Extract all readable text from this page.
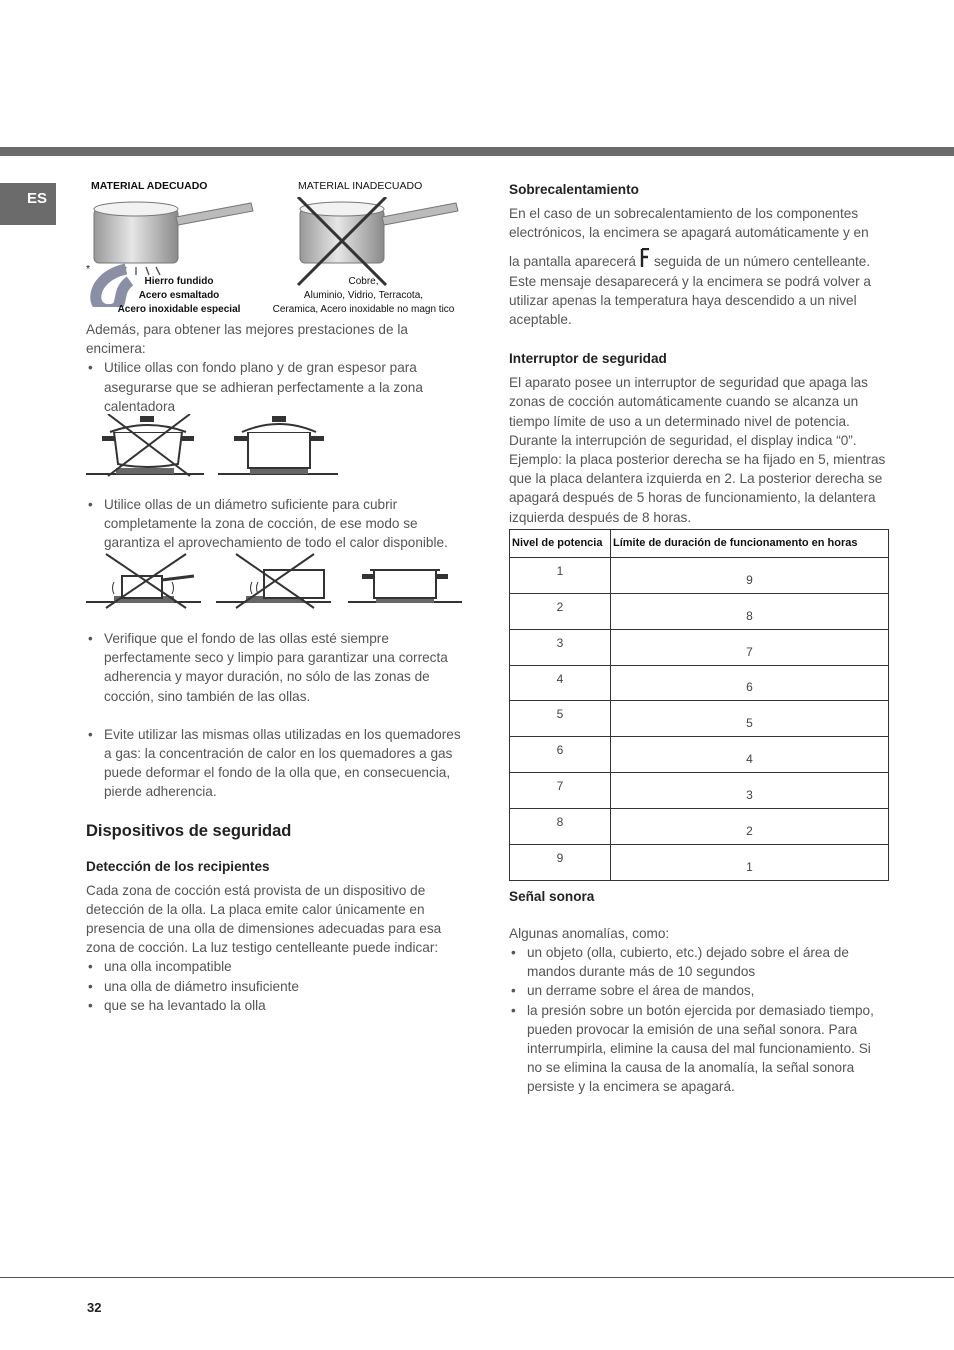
ES
MATERIAL ADECUADO	MATERIAL INADECUADO
*
Hierro fundido
Acero esmaltado
Acero inoxidable especial
Cobre,
Aluminio, Vidrio, Terracota,
Ceramica, Acero inoxidable no magn tico

Además, para obtener las mejores prestaciones de la encimera:

• Utilice ollas con fondo plano y de gran espesor para asegurarse que se adhieran perfectamente a la zona calentadora

• Utilice ollas de un diámetro suficiente para cubrir completamente la zona de cocción, de ese modo se garantiza el aprovechamiento de todo el calor disponible.

• Verifique que el fondo de las ollas esté siempre perfectamente seco y limpio para garantizar una correcta adherencia y mayor duración, no sólo de las zonas de cocción, sino también de las ollas.

• Evite utilizar las mismas ollas utilizadas en los quemadores a gas: la concentración de calor en los quemadores a gas puede deformar el fondo de la olla que, en consecuencia, pierde adherencia.

Dispositivos de seguridad

Detección de los recipientes

Cada zona de cocción está provista de un dispositivo de detección de la olla. La placa emite calor únicamente en presencia de una olla de dimensiones adecuadas para esa zona de cocción. La luz testigo centelleante puede indicar:

• una olla incompatible

• una olla de diámetro insuficiente

• que se ha levantado la olla

Sobrecalentamiento

En el caso de un sobrecalentamiento de los componentes electrónicos, la encimera se apagará automáticamente y en

la pantalla aparecerá seguida de un número centelleante.

Este mensaje desaparecerá y la encimera se podrá volver a utilizar apenas la temperatura haya descendido a un nivel aceptable.

Interruptor de seguridad

El aparato posee un interruptor de seguridad que apaga las zonas de cocción automáticamente cuando se alcanza un tiempo límite de uso a un determinado nivel de potencia. Durante la interrupción de seguridad, el display indica “0”. Ejemplo: la placa posterior derecha se ha fijado en 5, mientras que la placa delantera izquierda en 2. La posterior derecha se apagará después de 5 horas de funcionamiento, la delantera izquierda después de 8 horas.

Nivel de potencia	Límite de duración de funcionamento en horas
1	9
2	8
3	7
4	6
5	5
6	4
7	3
8	2
9	1

Señal sonora

Algunas anomalías, como:

• un objeto (olla, cubierto, etc.) dejado sobre el área de mandos durante más de 10 segundos

• un derrame sobre el área de mandos,

• la presión sobre un botón ejercida por demasiado tiempo, pueden provocar la emisión de una señal sonora. Para interrumpirla, elimine la causa del mal funcionamiento. Si no se elimina la causa de la anomalía, la señal sonora persiste y la encimera se apagará.

32
